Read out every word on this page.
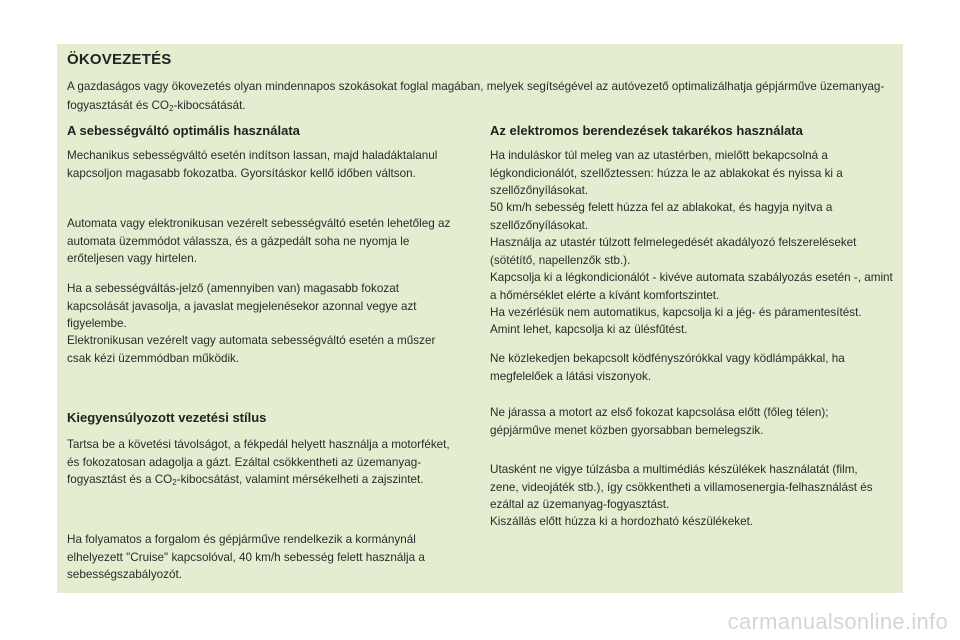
ÖKOVEZETÉS

A gazdaságos vagy ökovezetés olyan mindennapos szokásokat foglal magában, melyek segítségével az autóvezető optimalizálhatja gépjárműve üzemanyag-fogyasztását és $CO_2$-kibocsátását.

A sebességváltó optimális használata

Mechanikus sebességváltó esetén indítson lassan, majd haladáktalanul kapcsoljon magasabb fokozatba. Gyorsításkor kellő időben váltson.

Automata vagy elektronikusan vezérelt sebességváltó esetén lehetőleg az automata üzemmódot válassza, és a gázpedált soha ne nyomja le erőteljesen vagy hirtelen.

Ha a sebességváltás-jelző (amennyiben van) magasabb fokozat kapcsolását javasolja, a javaslat megjelenésekor azonnal vegye azt figyelembe.

Elektronikusan vezérelt vagy automata sebességváltó esetén a műszer csak kézi üzemmódban működik.

Kiegyensúlyozott vezetési stílus

Tartsa be a követési távolságot, a fékpedál helyett használja a motorféket, és fokozatosan adagolja a gázt. Ezáltal csökkentheti az üzemanyag-fogyasztást és a $CO_2$-kibocsátást, valamint mérsékelheti a zajszintet.

Ha folyamatos a forgalom és gépjárműve rendelkezik a kormánynál elhelyezett "Cruise" kapcsolóval, 40 km/h sebesség felett használja a sebességszabályozót.

Az elektromos berendezések takarékos használata

Ha induláskor túl meleg van az utastérben, mielőtt bekapcsolná a légkondicionálót, szellőztessen: húzza le az ablakokat és nyissa ki a szellőzőnyílásokat.

50 km/h sebesség felett húzza fel az ablakokat, és hagyja nyitva a szellőzőnyílásokat.

Használja az utastér túlzott felmelegedését akadályozó felszereléseket (sötétítő, napellenzők stb.).

Kapcsolja ki a légkondicionálót - kivéve automata szabályozás esetén -, amint a hőmérséklet elérte a kívánt komfortszintet.

Ha vezérlésük nem automatikus, kapcsolja ki a jég- és páramentesítést.

Amint lehet, kapcsolja ki az ülésfűtést.

Ne közlekedjen bekapcsolt ködfényszórókkal vagy ködlámpákkal, ha megfelelőek a látási viszonyok.

Ne járassa a motort az első fokozat kapcsolása előtt (főleg télen); gépjárműve menet közben gyorsabban bemelegszik.

Utasként ne vigye túlzásba a multimédiás készülékek használatát (film, zene, videojáték stb.), így csökkentheti a villamosenergia-felhasználást és ezáltal az üzemanyag-fogyasztást.

Kiszállás előtt húzza ki a hordozható készülékeket.

carmanualsonline.info
